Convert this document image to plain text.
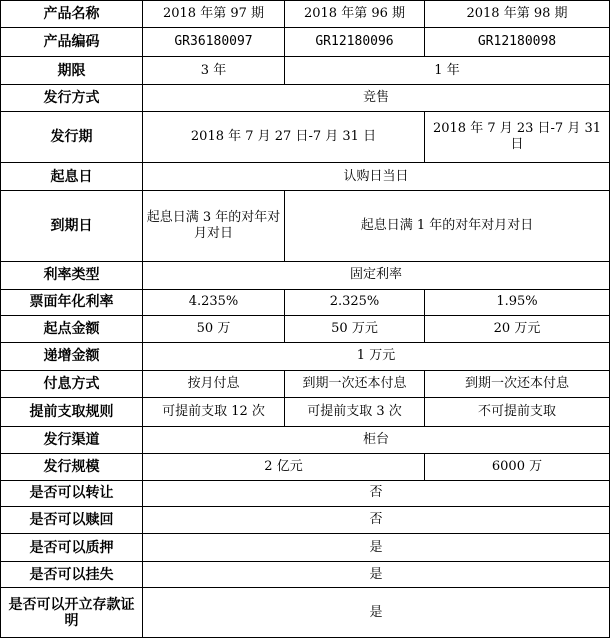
产品名称	2018 年第 97 期	2018 年第 96 期	2018 年第 98 期
产品编码	GR36180097	GR12180096	GR12180098
期限	3 年	1 年	
发行方式	竞售		
发行期	2018 年 7 月 27 日-7 月 31 日		2018 年 7 月 23 日-7 月 31 日
起息日	认购日当日		
到期日	起息日满 3 年的对年对月对日	起息日满 1 年的对年对月对日	
利率类型	固定利率		
票面年化利率	4.235%	2.325%	1.95%
起点金额	50 万	50 万元	20 万元
递增金额	1 万元		
付息方式	按月付息	到期一次还本付息	到期一次还本付息
提前支取规则	可提前支取 12 次	可提前支取 3 次	不可提前支取
发行渠道	柜台		
发行规模	2 亿元		6000 万
是否可以转让	否		
是否可以赎回	否		
是否可以质押	是		
是否可以挂失	是		
是否可以开立存款证明	是		
